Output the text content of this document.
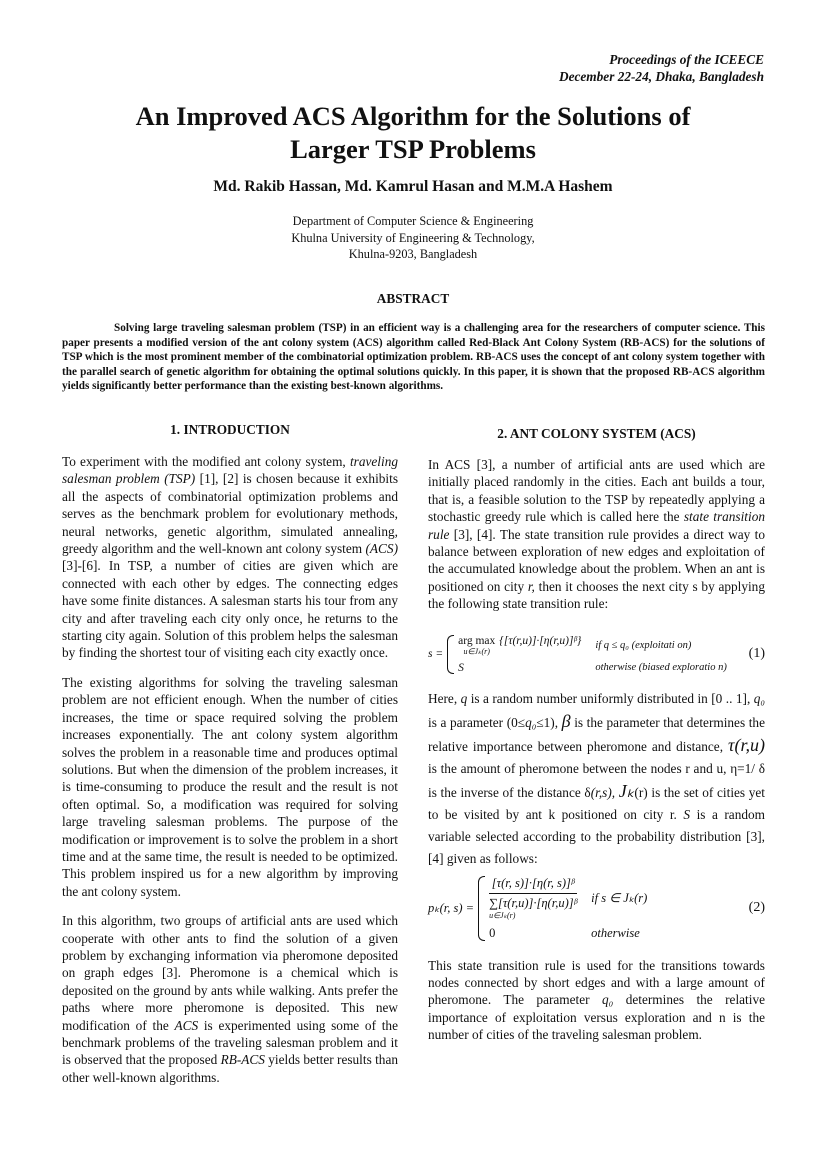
Proceedings of the ICEECE
December 22-24, Dhaka, Bangladesh
An Improved ACS Algorithm for the Solutions of
Larger TSP Problems
Md. Rakib Hassan, Md. Kamrul Hasan and M.M.A Hashem
Department of Computer Science & Engineering
Khulna University of Engineering & Technology,
Khulna-9203, Bangladesh
ABSTRACT

Solving large traveling salesman problem (TSP) in an efficient way is a challenging area for the researchers of computer science. This paper presents a modified version of the ant colony system (ACS) algorithm called Red-Black Ant Colony System (RB-ACS) for the solutions of TSP which is the most prominent member of the combinatorial optimization problem. RB-ACS uses the concept of ant colony system together with the parallel search of genetic algorithm for obtaining the optimal solutions quickly. In this paper, it is shown that the proposed RB-ACS algorithm yields significantly better performance than the existing best-known algorithms.

1. INTRODUCTION

To experiment with the modified ant colony system, traveling salesman problem (TSP) [1], [2] is chosen because it exhibits all the aspects of combinatorial optimization problems and serves as the benchmark problem for evolutionary methods, neural networks, genetic algorithm, simulated annealing, greedy algorithm and the well-known ant colony system (ACS) [3]-[6]. In TSP, a number of cities are given which are connected with each other by edges. The connecting edges have some finite distances. A salesman starts his tour from any city and after traveling each city only once, he returns to the starting city again. Solution of this problem helps the salesman by finding the shortest tour of visiting each city exactly once.

The existing algorithms for solving the traveling salesman problem are not efficient enough. When the number of cities increases, the time or space required solving the problem increases exponentially. The ant colony system algorithm solves the problem in a reasonable time and produces optimal solutions. But when the dimension of the problem increases, it is time-consuming to produce the result and the result is not often optimal. So, a modification was required for solving large traveling salesman problems. The purpose of the modification or improvement is to solve the problem in a short time and at the same time, the result is needed to be optimized. This problem inspired us for a new algorithm by improving the ant colony system.

In this algorithm, two groups of artificial ants are used which cooperate with other ants to find the solution of a given problem by exchanging information via pheromone deposited on graph edges [3]. Pheromone is a chemical which is deposited on the ground by ants while walking. Ants prefer the paths where more pheromone is deposited. This new modification of the ACS is experimented using some of the benchmark problems of the traveling salesman problem and it is observed that the proposed RB-ACS yields better results than other well-known algorithms.

2. ANT COLONY SYSTEM (ACS)

In ACS [3], a number of artificial ants are used which are initially placed randomly in the cities. Each ant builds a tour, that is, a feasible solution to the TSP by repeatedly applying a stochastic greedy rule which is called here the state transition rule [3], [4]. The state transition rule provides a direct way to balance between exploration of new edges and exploitation of the accumulated knowledge about the problem. When an ant is positioned on city r, then it chooses the next city s by applying the following state transition rule:

s =
arg max
u∈Jₖ(r)
{[τ(r,u)]·[η(r,u)]ᵝ} if q ≤ q₀ (exploitati on)
S	otherwise (biased exploratio n)
(1)

Here, q is a random number uniformly distributed in [0 .. 1], q₀ is a parameter (0≤q₀≤1), β is the parameter that determines the relative importance between pheromone and distance, τ(r,u) is the amount of pheromone between the nodes r and u, η=1/ δ is the inverse of the distance δ(r,s), Jₖ(r) is the set of cities yet to be visited by ant k positioned on city r. S is a random variable selected according to the probability distribution [3], [4] given as follows:

pₖ(r, s) =
[τ(r, s)]·[η(r, s)]ᵝ
∑[τ(r,u)]·[η(r,u)]ᵝ
u∈Jₖ(r)
if s ∈ Jₖ(r)
0	otherwise
(2)

This state transition rule is used for the transitions towards nodes connected by short edges and with a large amount of pheromone. The parameter q₀ determines the relative importance of exploitation versus exploration and n is the number of cities of the traveling salesman problem.
